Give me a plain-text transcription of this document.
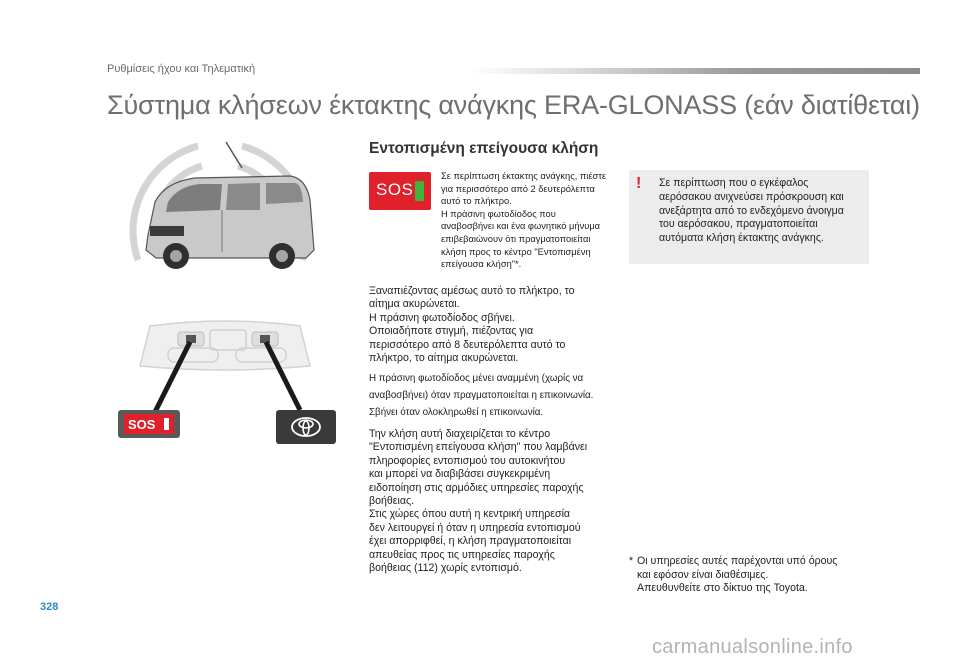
Ρυθμίσεις ήχου και Τηλεματική
Σύστημα κλήσεων έκτακτης ανάγκης ERA-GLONASS (εάν διατίθεται)
SOS
Εντοπισμένη επείγουσα κλήση
SOS
Σε περίπτωση έκτακτης ανάγκης, πιέστε
για περισσότερο από 2 δευτερόλεπτα
αυτό το πλήκτρο.
Η πράσινη φωτοδίοδος που
αναβοσβήνει και ένα φωνητικό μήνυμα
επιβεβαιώνουν ότι πραγματοποιείται
κλήση προς το κέντρο "Εντοπισμένη
επείγουσα κλήση"*.
Ξαναπιέζοντας αμέσως αυτό το πλήκτρο, το
αίτημα ακυρώνεται.
Η πράσινη φωτοδίοδος σβήνει.
Οποιαδήποτε στιγμή, πιέζοντας για
περισσότερο από 8 δευτερόλεπτα αυτό το
πλήκτρο, το αίτημα ακυρώνεται.
Η πράσινη φωτοδίοδος μένει αναμμένη (χωρίς να
αναβοσβήνει) όταν πραγματοποιείται η επικοινωνία.
Σβήνει όταν ολοκληρωθεί η επικοινωνία.
Την κλήση αυτή διαχειρίζεται το κέντρο
"Εντοπισμένη επείγουσα κλήση" που λαμβάνει
πληροφορίες εντοπισμού του αυτοκινήτου
και μπορεί να διαβιβάσει συγκεκριμένη
ειδοποίηση στις αρμόδιες υπηρεσίες παροχής
βοήθειας.
Στις χώρες όπου αυτή η κεντρική υπηρεσία
δεν λειτουργεί ή όταν η υπηρεσία εντοπισμού
έχει απορριφθεί, η κλήση πραγματοποιείται
απευθείας προς τις υπηρεσίες παροχής
βοήθειας (112) χωρίς εντοπισμό.
! Σε περίπτωση που ο εγκέφαλος
αερόσακου ανιχνεύσει πρόσκρουση και
ανεξάρτητα από το ενδεχόμενο άνοιγμα
του αερόσακου, πραγματοποιείται
αυτόματα κλήση έκτακτης ανάγκης.
* Οι υπηρεσίες αυτές παρέχονται υπό όρους
και εφόσον είναι διαθέσιμες.
Απευθυνθείτε στο δίκτυο της Toyota.
328
carmanualsonline.info
